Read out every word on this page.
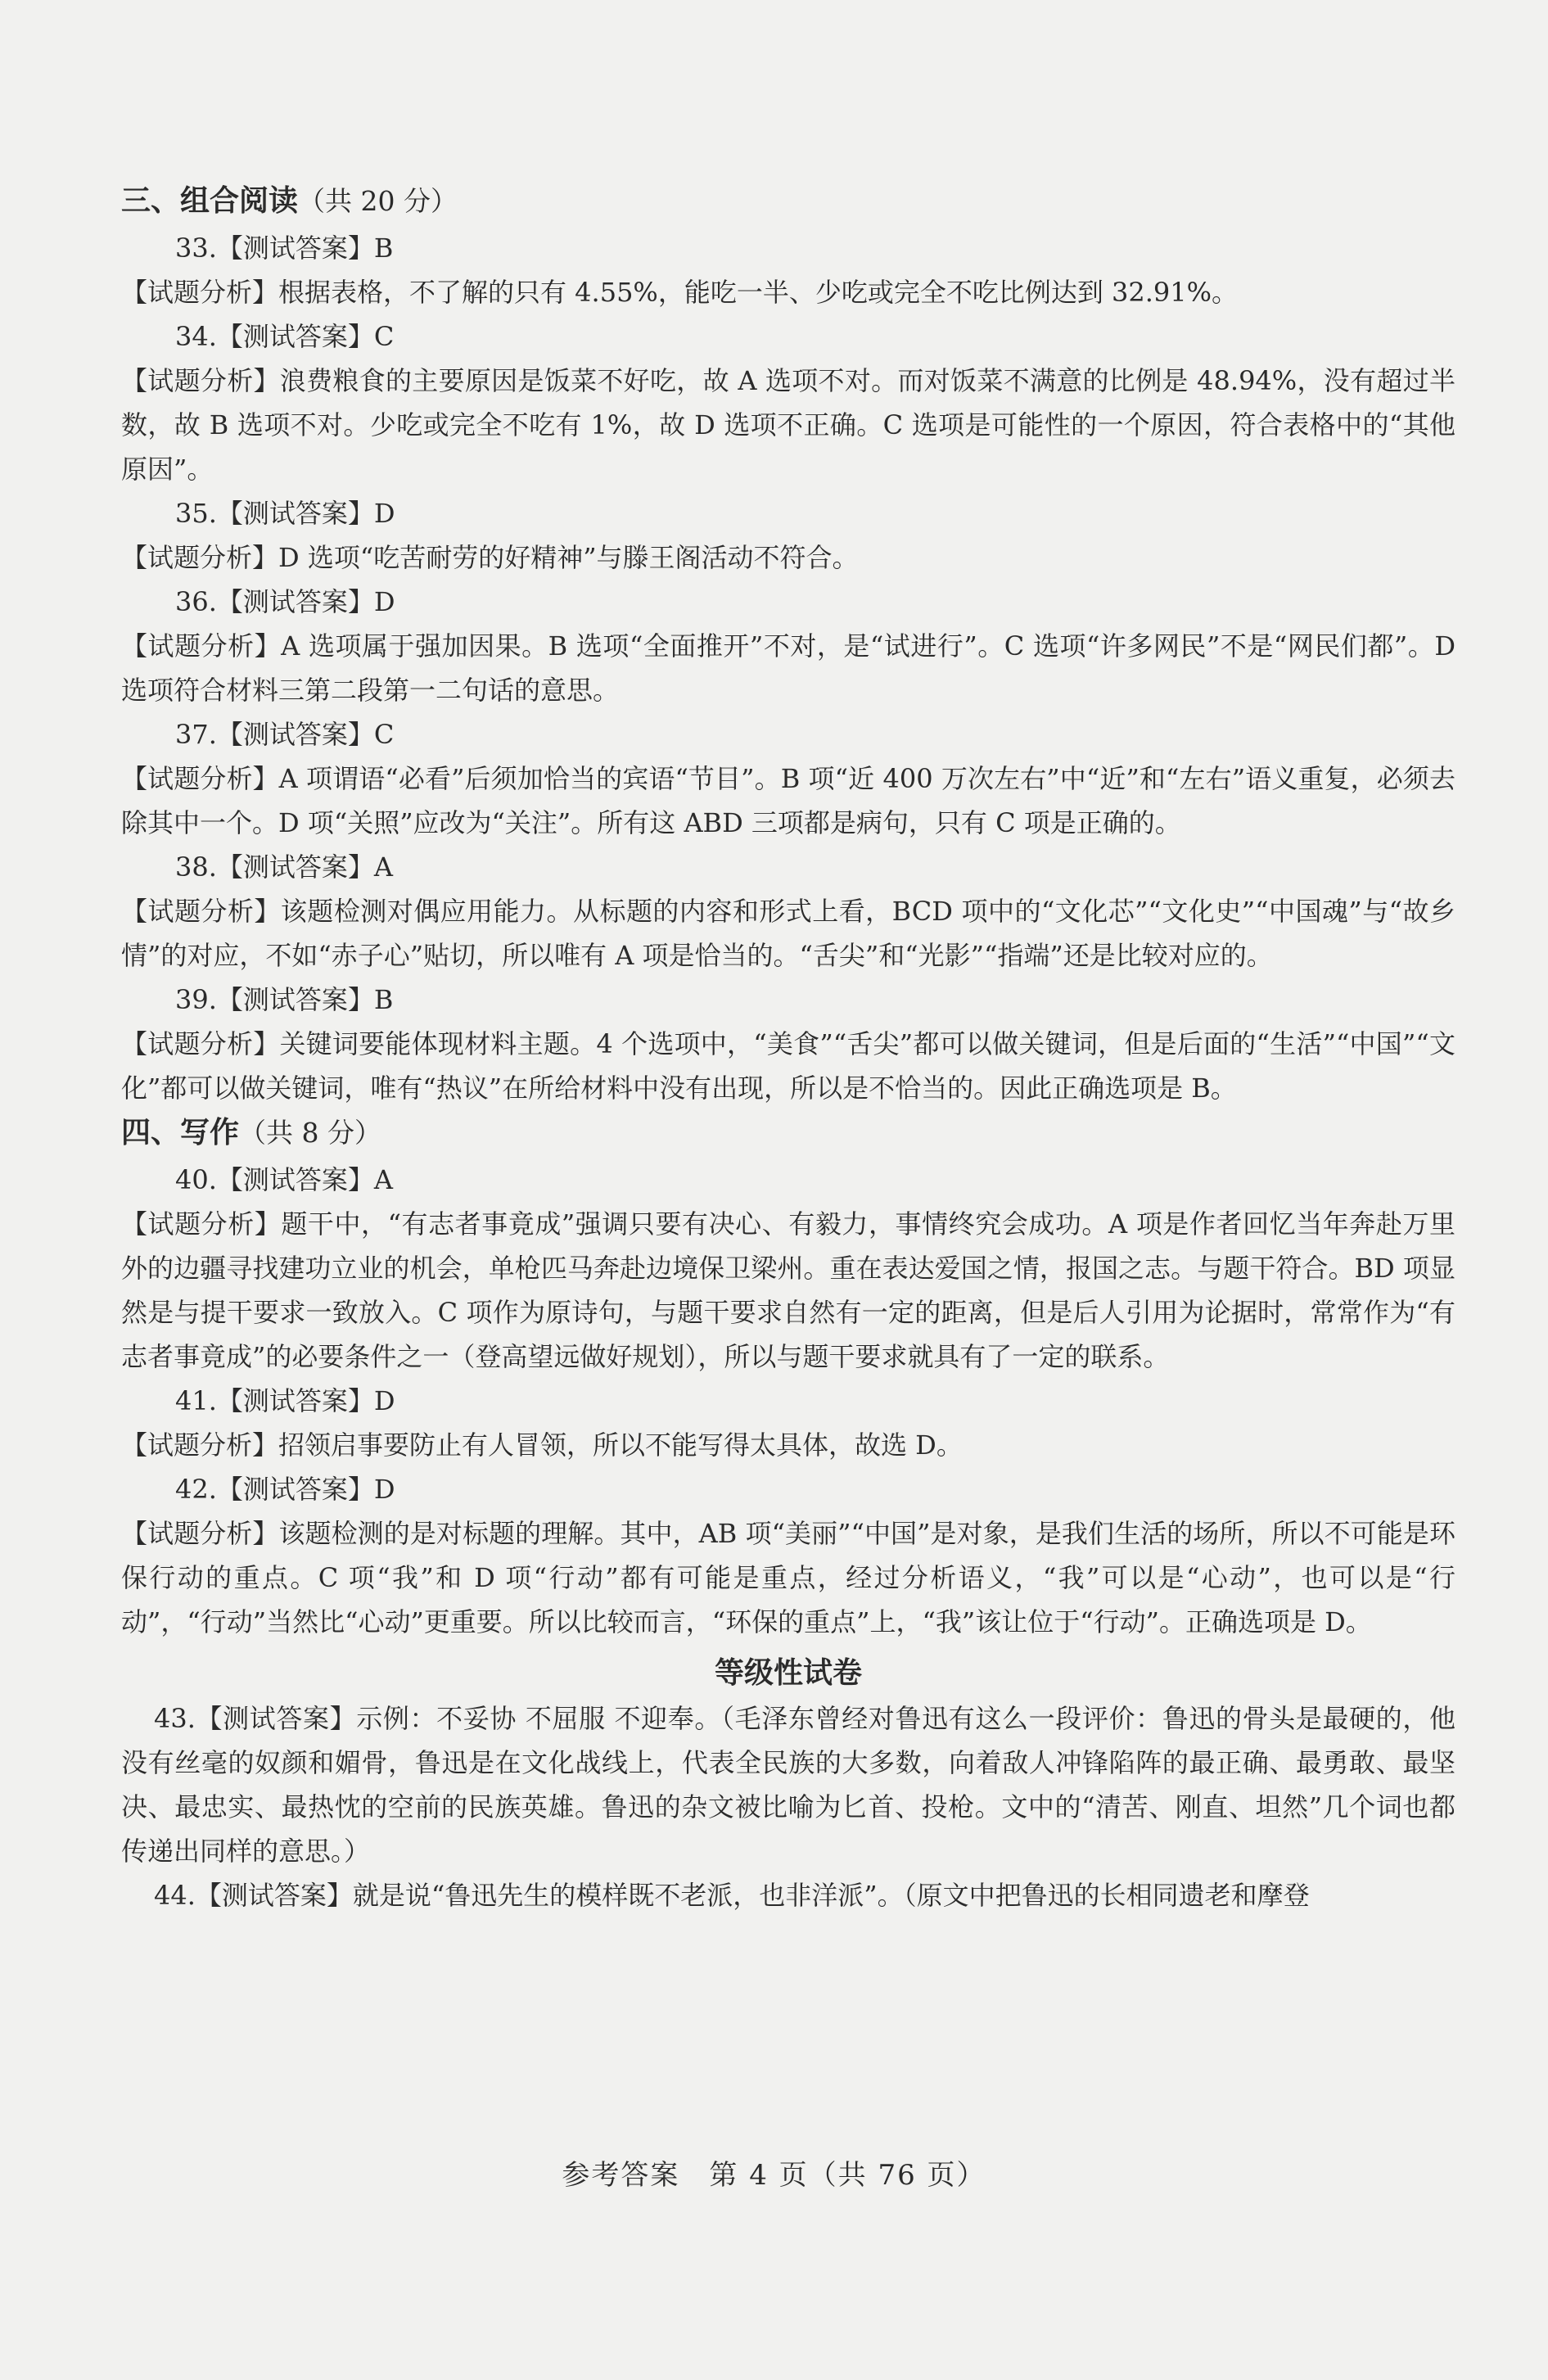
三、组合阅读（共 20 分）
33.【测试答案】B

【试题分析】根据表格，不了解的只有 4.55%，能吃一半、少吃或完全不吃比例达到 32.91%。

34.【测试答案】C

【试题分析】浪费粮食的主要原因是饭菜不好吃，故 A 选项不对。而对饭菜不满意的比例是 48.94%，没有超过半数，故 B 选项不对。少吃或完全不吃有 1%，故 D 选项不正确。C 选项是可能性的一个原因，符合表格中的“其他原因”。

35.【测试答案】D

【试题分析】D 选项“吃苦耐劳的好精神”与滕王阁活动不符合。

36.【测试答案】D

【试题分析】A 选项属于强加因果。B 选项“全面推开”不对，是“试进行”。C 选项“许多网民”不是“网民们都”。D 选项符合材料三第二段第一二句话的意思。

37.【测试答案】C

【试题分析】A 项谓语“必看”后须加恰当的宾语“节目”。B 项“近 400 万次左右”中“近”和“左右”语义重复，必须去除其中一个。D 项“关照”应改为“关注”。所有这 ABD 三项都是病句，只有 C 项是正确的。

38.【测试答案】A

【试题分析】该题检测对偶应用能力。从标题的内容和形式上看，BCD 项中的“文化芯”“文化史”“中国魂”与“故乡情”的对应，不如“赤子心”贴切，所以唯有 A 项是恰当的。“舌尖”和“光影”“指端”还是比较对应的。

39.【测试答案】B

【试题分析】关键词要能体现材料主题。4 个选项中，“美食”“舌尖”都可以做关键词，但是后面的“生活”“中国”“文化”都可以做关键词，唯有“热议”在所给材料中没有出现，所以是不恰当的。因此正确选项是 B。

四、写作（共 8 分）
40.【测试答案】A

【试题分析】题干中，“有志者事竟成”强调只要有决心、有毅力，事情终究会成功。A 项是作者回忆当年奔赴万里外的边疆寻找建功立业的机会，单枪匹马奔赴边境保卫梁州。重在表达爱国之情，报国之志。与题干符合。BD 项显然是与提干要求一致放入。C 项作为原诗句，与题干要求自然有一定的距离，但是后人引用为论据时，常常作为“有志者事竟成”的必要条件之一（登高望远做好规划），所以与题干要求就具有了一定的联系。

41.【测试答案】D

【试题分析】招领启事要防止有人冒领，所以不能写得太具体，故选 D。

42.【测试答案】D

【试题分析】该题检测的是对标题的理解。其中，AB 项“美丽”“中国”是对象，是我们生活的场所，所以不可能是环保行动的重点。C 项“我”和 D 项“行动”都有可能是重点，经过分析语义，“我”可以是“心动”，也可以是“行动”，“行动”当然比“心动”更重要。所以比较而言，“环保的重点”上，“我”该让位于“行动”。正确选项是 D。

等级性试卷

43.【测试答案】示例：不妥协 不屈服 不迎奉。（毛泽东曾经对鲁迅有这么一段评价：鲁迅的骨头是最硬的，他没有丝毫的奴颜和媚骨，鲁迅是在文化战线上，代表全民族的大多数，向着敌人冲锋陷阵的最正确、最勇敢、最坚决、最忠实、最热忱的空前的民族英雄。鲁迅的杂文被比喻为匕首、投枪。文中的“清苦、刚直、坦然”几个词也都传递出同样的意思。）

44.【测试答案】就是说“鲁迅先生的模样既不老派，也非洋派”。（原文中把鲁迅的长相同遗老和摩登

参考答案　第 4 页（共 76 页）
